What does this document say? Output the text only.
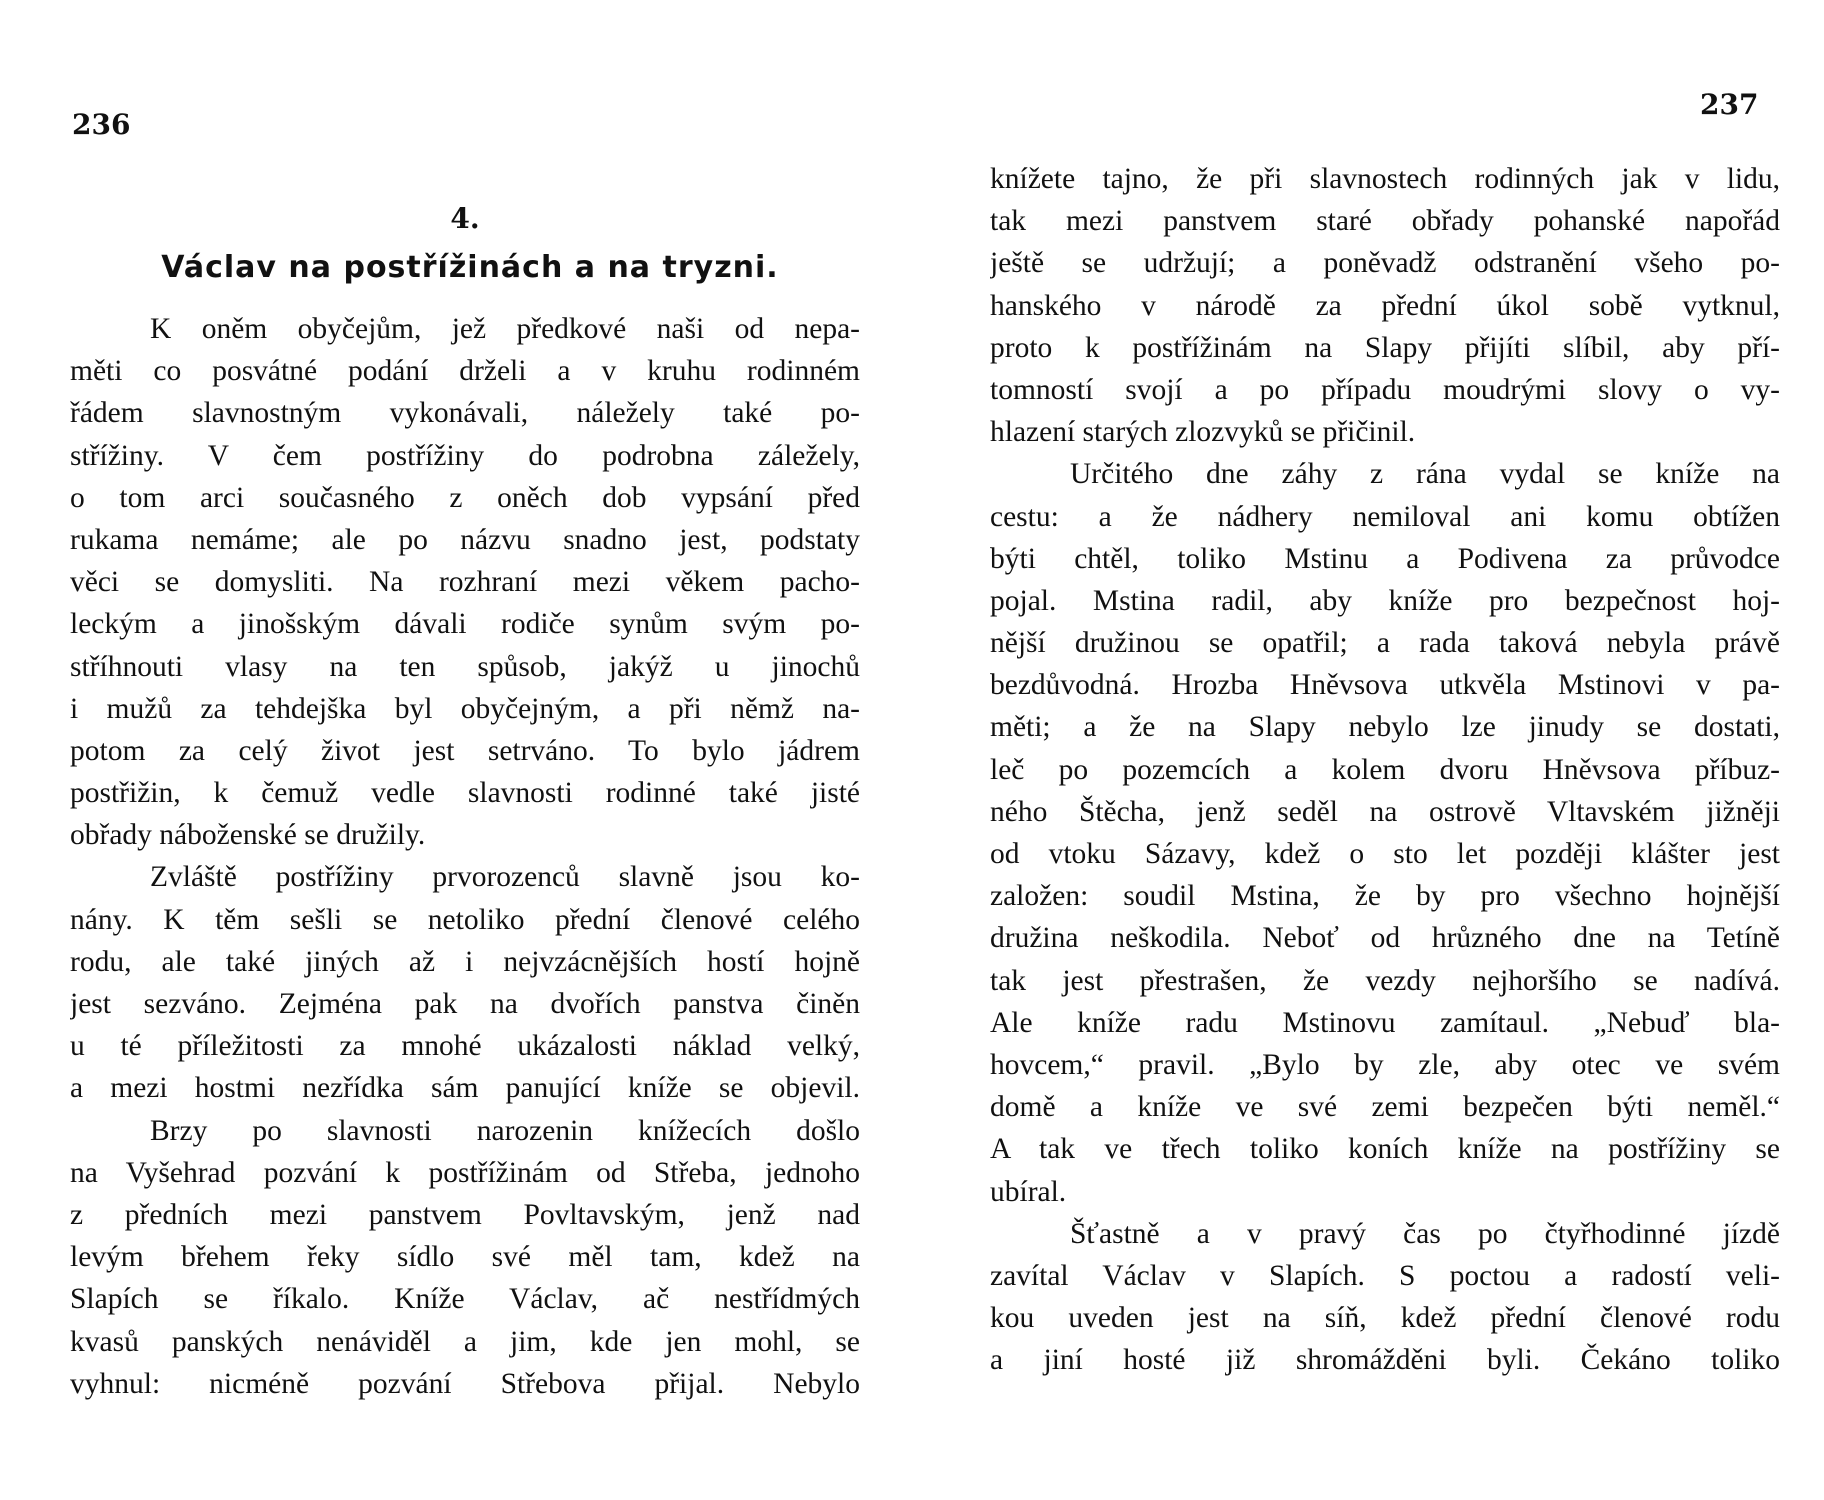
236
237
4.
Václav na postřížinách a na tryzni.
K oněm obyčejům, jež předkové naši od nepa-
měti co posvátné podání drželi a v kruhu rodinném
řádem slavnostným vykonávali, náležely také po-
střížiny. V čem postřížiny do podrobna záležely,
o tom arci současného z oněch dob vypsání před
rukama nemáme; ale po názvu snadno jest, podstaty
věci se domysliti. Na rozhraní mezi věkem pacho-
leckým a jinošským dávali rodiče synům svým po-
stříhnouti vlasy na ten spůsob, jakýž u jinochů
i mužů za tehdejška byl obyčejným, a při němž na-
potom za celý život jest setrváno. To bylo jádrem
postřižin, k čemuž vedle slavnosti rodinné také jisté
obřady náboženské se družily.
Zvláště postřížiny prvorozenců slavně jsou ko-
nány. K těm sešli se netoliko přední členové celého
rodu, ale také jiných až i nejvzácnějších hostí hojně
jest sezváno. Zejména pak na dvořích panstva činěn
u té příležitosti za mnohé ukázalosti náklad velký,
a mezi hostmi nezřídka sám panující kníže se objevil.
Brzy po slavnosti narozenin knížecích došlo
na Vyšehrad pozvání k postřížinám od Střeba, jednoho
z předních mezi panstvem Povltavským, jenž nad
levým břehem řeky sídlo své měl tam, kdež na
Slapích se říkalo. Kníže Václav, ač nestřídmých
kvasů panských nenáviděl a jim, kde jen mohl, se
vyhnul: nicméně pozvání Střebova přijal. Nebylo
knížete tajno, že při slavnostech rodinných jak v lidu,
tak mezi panstvem staré obřady pohanské napořád
ještě se udržují; a poněvadž odstranění všeho po-
hanského v národě za přední úkol sobě vytknul,
proto k postřížinám na Slapy přijíti slíbil, aby pří-
tomností svojí a po případu moudrými slovy o vy-
hlazení starých zlozvyků se přičinil.
Určitého dne záhy z rána vydal se kníže na
cestu: a že nádhery nemiloval ani komu obtížen
býti chtěl, toliko Mstinu a Podivena za průvodce
pojal. Mstina radil, aby kníže pro bezpečnost hoj-
nější družinou se opatřil; a rada taková nebyla právě
bezdůvodná. Hrozba Hněvsova utkvěla Mstinovi v pa-
měti; a že na Slapy nebylo lze jinudy se dostati,
leč po pozemcích a kolem dvoru Hněvsova příbuz-
ného Štěcha, jenž seděl na ostrově Vltavském jižněji
od vtoku Sázavy, kdež o sto let později klášter jest
založen: soudil Mstina, že by pro všechno hojnější
družina neškodila. Neboť od hrůzného dne na Tetíně
tak jest přestrašen, že vezdy nejhoršího se nadívá.
Ale kníže radu Mstinovu zamítaul. „Nebuď bla-
hovcem,“ pravil. „Bylo by zle, aby otec ve svém
domě a kníže ve své zemi bezpečen býti neměl.“
A tak ve třech toliko koních kníže na postřížiny se
ubíral.
Šťastně a v pravý čas po čtyřhodinné jízdě
zavítal Václav v Slapích. S poctou a radostí veli-
kou uveden jest na síň, kdež přední členové rodu
a jiní hosté již shromážděni byli. Čekáno toliko
